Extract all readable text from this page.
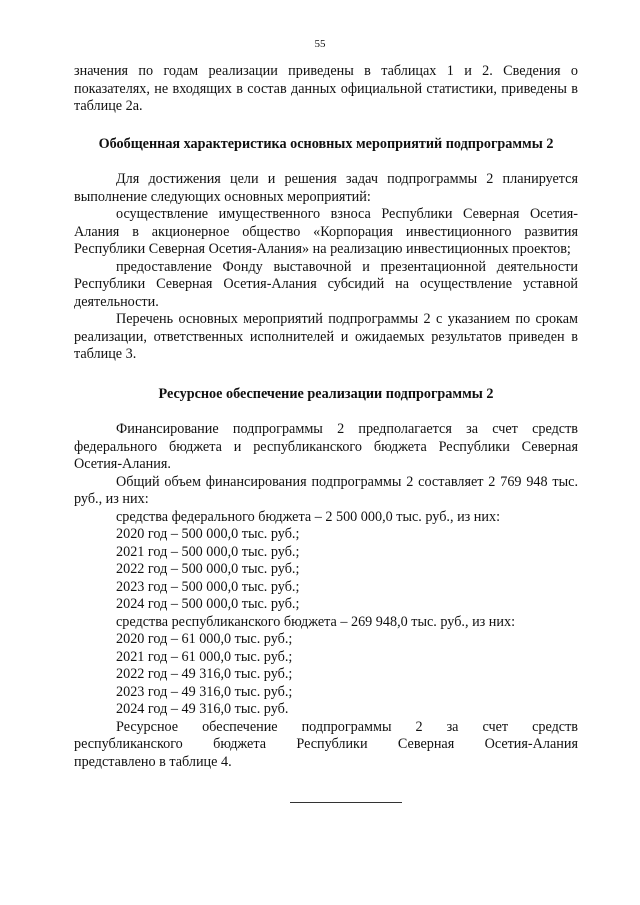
55

значения по годам реализации приведены в таблицах 1 и 2. Сведения о показателях, не входящих в состав данных официальной статистики, приведены в таблице 2а.

Обобщенная характеристика основных мероприятий подпрограммы 2

Для достижения цели и решения задач подпрограммы 2 планируется выполнение следующих основных мероприятий:

осуществление имущественного взноса Республики Северная Осетия-Алания в акционерное общество «Корпорация инвестиционного развития Республики Северная Осетия-Алания» на реализацию инвестиционных проектов;

предоставление Фонду выставочной и презентационной деятельности Республики Северная Осетия-Алания субсидий на осуществление уставной деятельности.

Перечень основных мероприятий подпрограммы 2 с указанием по срокам реализации, ответственных исполнителей и ожидаемых результатов приведен в таблице 3.

Ресурсное обеспечение реализации подпрограммы 2

Финансирование подпрограммы 2 предполагается за счет средств федерального бюджета и республиканского бюджета Республики Северная Осетия-Алания.

Общий объем финансирования подпрограммы 2 составляет 2 769 948 тыс. руб., из них:

средства федерального бюджета – 2 500 000,0 тыс. руб., из них:

2020 год – 500 000,0 тыс. руб.;

2021 год – 500 000,0 тыс. руб.;

2022 год – 500 000,0 тыс. руб.;

2023 год – 500 000,0 тыс. руб.;

2024 год – 500 000,0 тыс. руб.;

средства республиканского бюджета – 269 948,0 тыс. руб., из них:

2020 год – 61 000,0 тыс. руб.;

2021 год – 61 000,0 тыс. руб.;

2022 год – 49 316,0 тыс. руб.;

2023 год – 49 316,0 тыс. руб.;

2024 год – 49 316,0 тыс. руб.

Ресурсное обеспечение подпрограммы 2 за счет средств

республиканского бюджета Республики Северная Осетия-Алания

представлено в таблице 4.
